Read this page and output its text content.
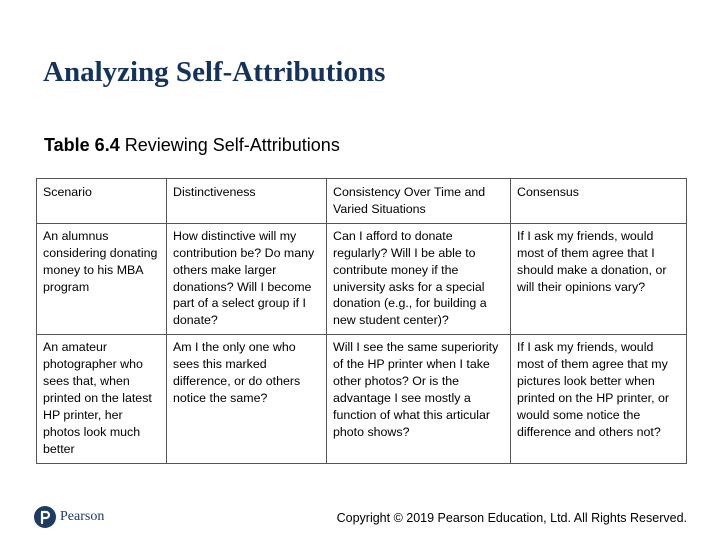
Analyzing Self-Attributions
Table 6.4 Reviewing Self-Attributions
Scenario	Distinctiveness	Consistency Over Time and Varied Situations	Consensus
An alumnus considering donating money to his MBA program	How distinctive will my contribution be? Do many others make larger donations? Will I become part of a select group if I donate?	Can I afford to donate regularly? Will I be able to contribute money if the university asks for a special donation (e.g., for building a new student center)?	If I ask my friends, would most of them agree that I should make a donation, or will their opinions vary?
An amateur photographer who sees that, when printed on the latest HP printer, her photos look much better	Am I the only one who sees this marked difference, or do others notice the same?	Will I see the same superiority of the HP printer when I take other photos? Or is the advantage I see mostly a function of what this articular photo shows?	If I ask my friends, would most of them agree that my pictures look better when printed on the HP printer, or would some notice the difference and others not?
Pearson	Copyright © 2019 Pearson Education, Ltd. All Rights Reserved.
